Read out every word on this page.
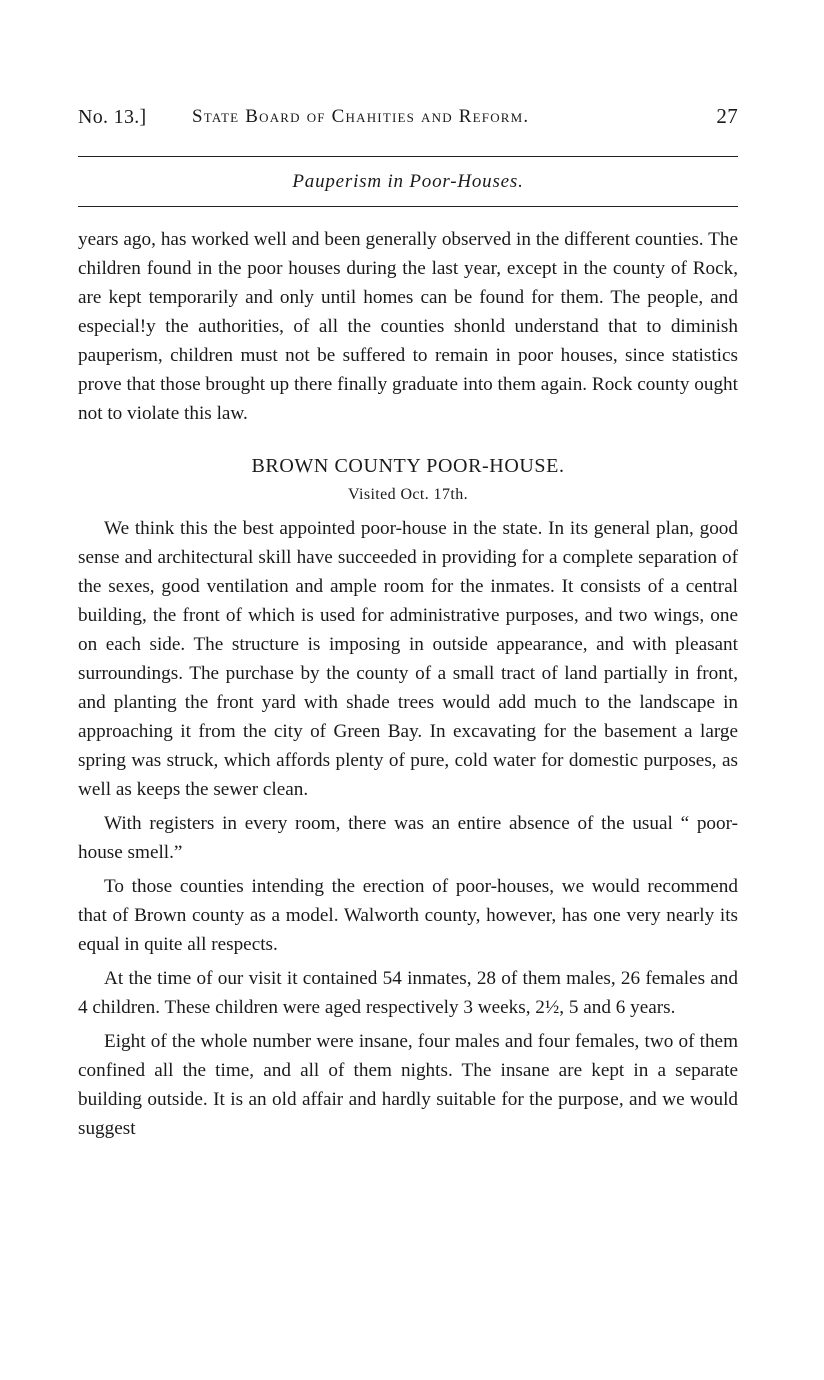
No. 13.] State Board of Chahities and Reform.	27
Pauperism in Poor-Houses.

years ago, has worked well and been generally observed in the different counties. The children found in the poor houses during the last year, except in the county of Rock, are kept temporarily and only until homes can be found for them. The people, and especial!y the authorities, of all the counties shonld understand that to diminish pauperism, children must not be suffered to remain in poor houses, since statistics prove that those brought up there finally graduate into them again. Rock county ought not to violate this law.

BROWN COUNTY POOR-HOUSE.
Visited Oct. 17th.

We think this the best appointed poor-house in the state. In its general plan, good sense and architectural skill have succeeded in providing for a complete separation of the sexes, good ventilation and ample room for the inmates. It consists of a central building, the front of which is used for administrative purposes, and two wings, one on each side. The structure is imposing in outside appearance, and with pleasant surroundings. The purchase by the county of a small tract of land partially in front, and planting the front yard with shade trees would add much to the landscape in approaching it from the city of Green Bay. In excavating for the basement a large spring was struck, which affords plenty of pure, cold water for domestic purposes, as well as keeps the sewer clean.

With registers in every room, there was an entire absence of the usual “ poor-house smell.”

To those counties intending the erection of poor-houses, we would recommend that of Brown county as a model. Walworth county, however, has one very nearly its equal in quite all respects.

At the time of our visit it contained 54 inmates, 28 of them males, 26 females and 4 children. These children were aged respectively 3 weeks, 2½, 5 and 6 years.

Eight of the whole number were insane, four males and four females, two of them confined all the time, and all of them nights. The insane are kept in a separate building outside. It is an old affair and hardly suitable for the purpose, and we would suggest
